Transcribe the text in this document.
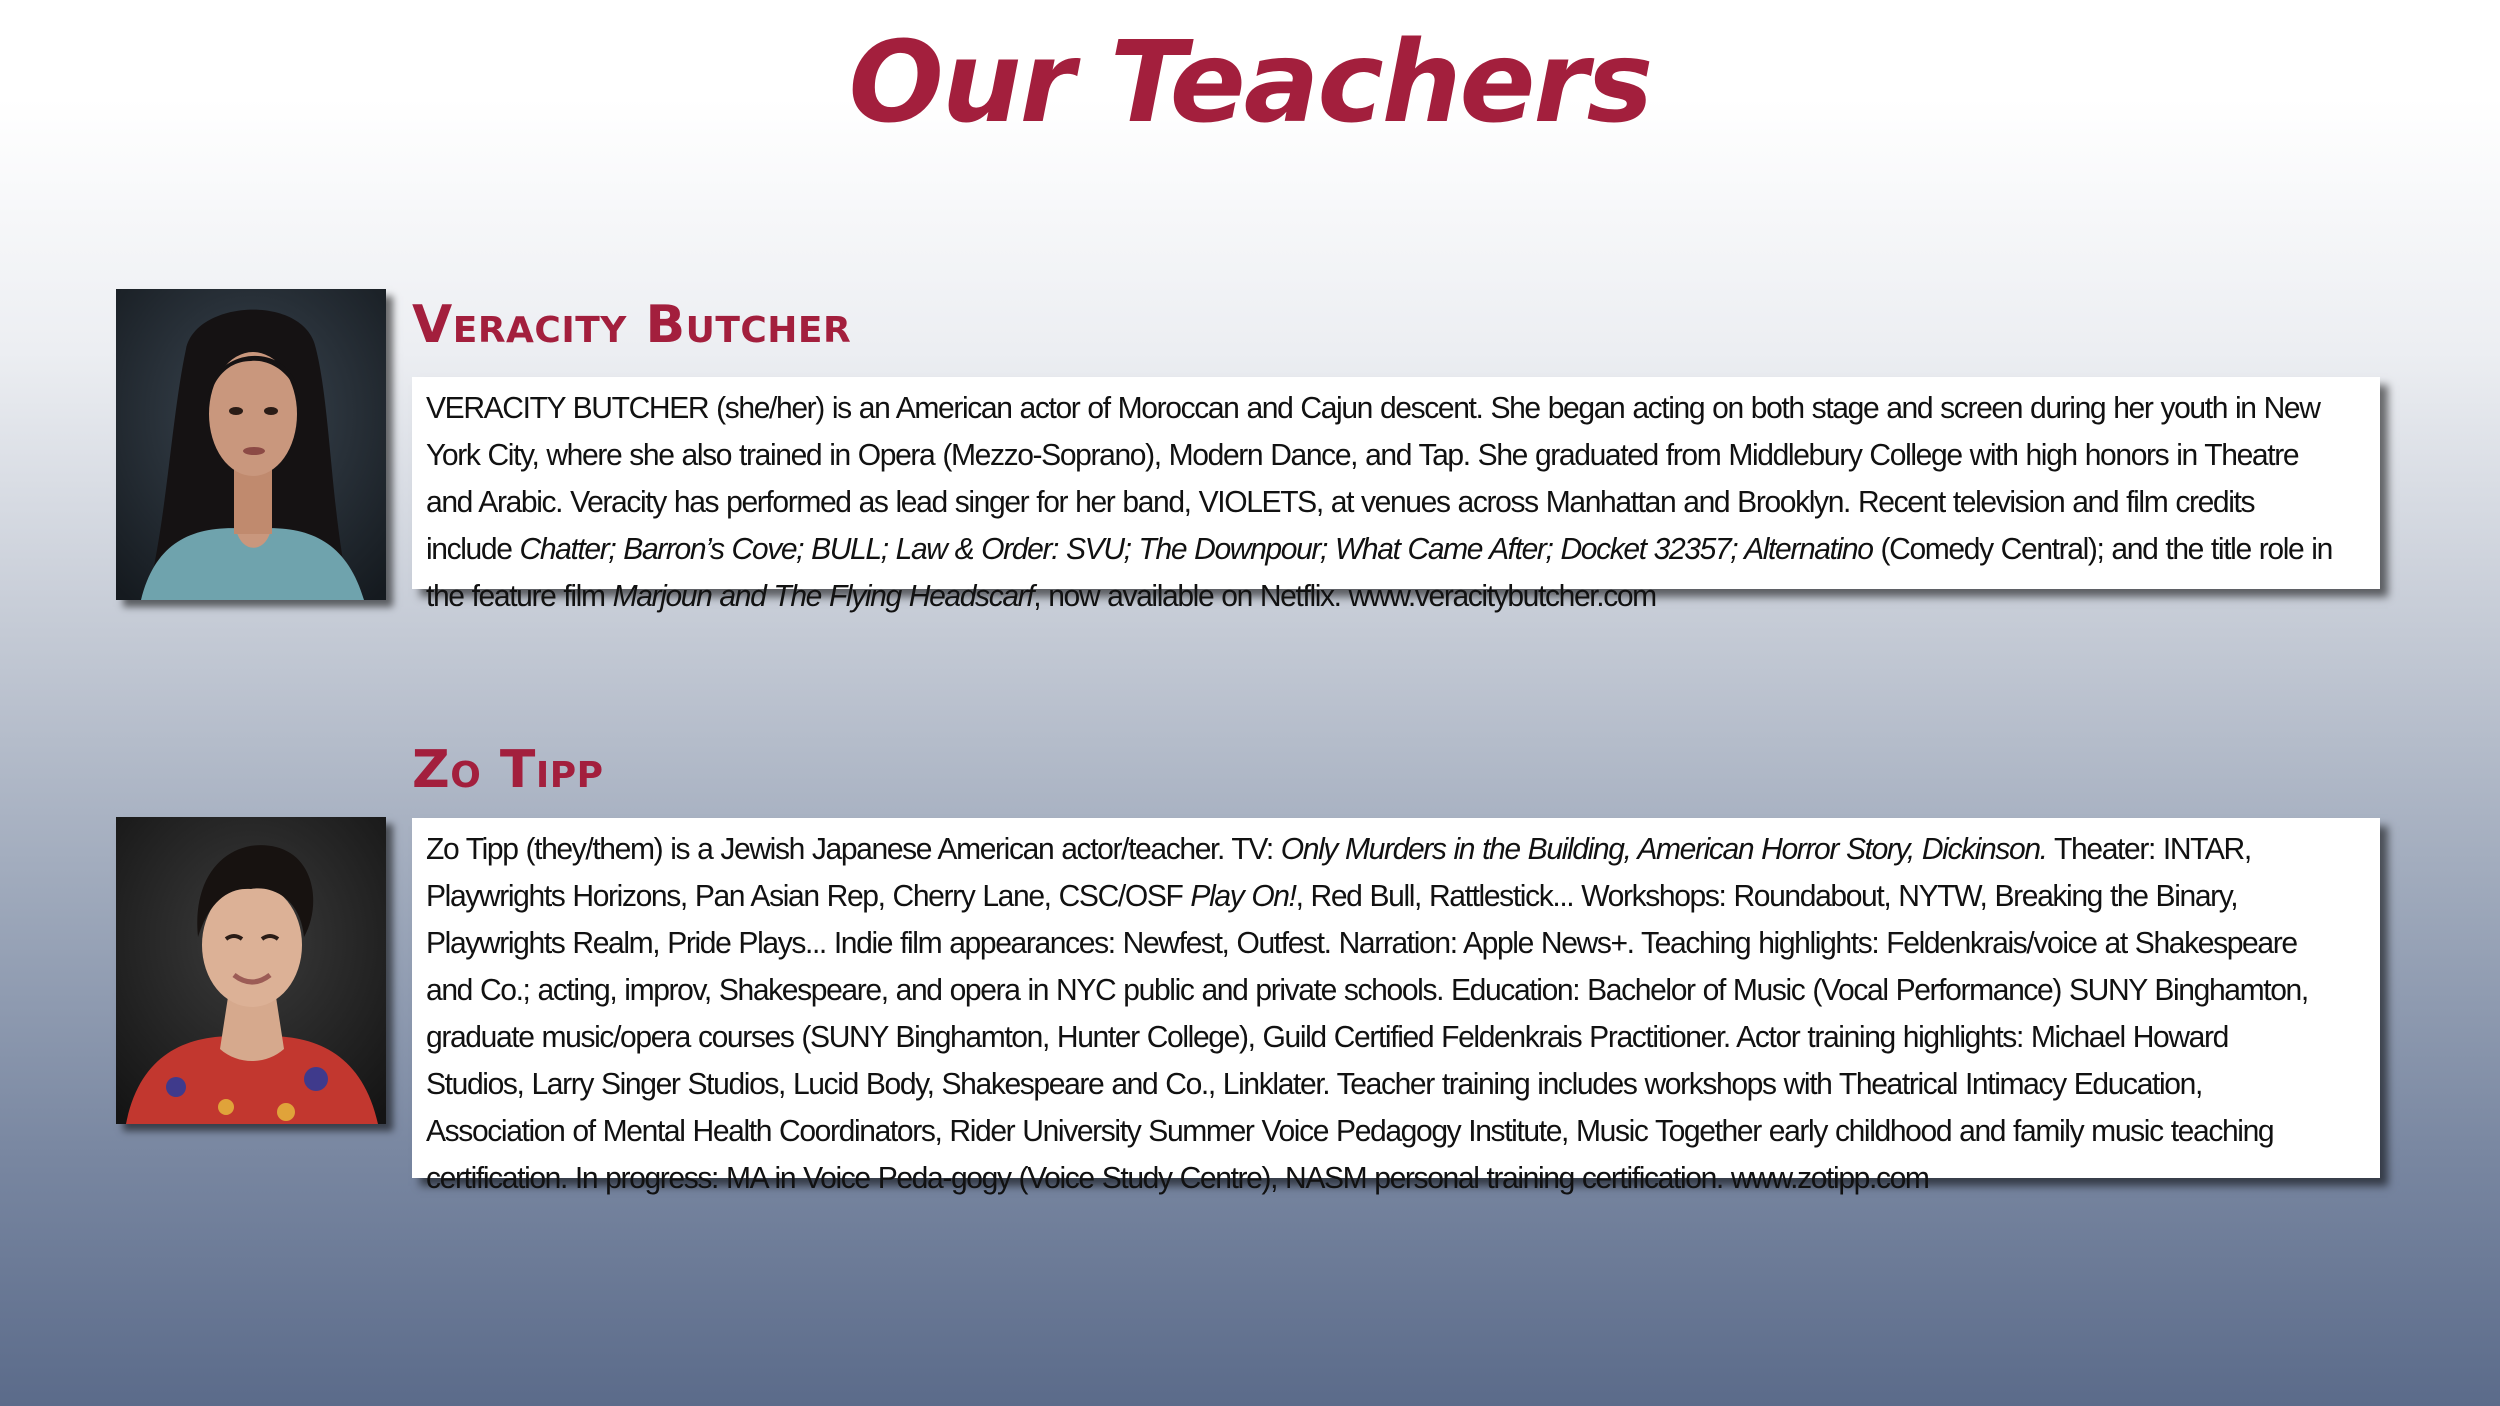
Our Teachers
Veracity Butcher

VERACITY BUTCHER (she/her) is an American actor of Moroccan and Cajun descent. She began acting on both stage and screen during her youth in New York City, where she also trained in Opera (Mezzo-Soprano), Modern Dance, and Tap. She graduated from Middlebury College with high honors in Theatre and Arabic. Veracity has performed as lead singer for her band, VIOLETS, at venues across Manhattan and Brooklyn. Recent television and film credits include Chatter; Barron’s Cove; BULL; Law & Order: SVU; The Downpour; What Came After; Docket 32357; Alternatino (Comedy Central); and the title role in the feature film Marjoun and The Flying Headscarf, now available on Netflix. www.veracitybutcher.com

Zo Tipp

Zo Tipp (they/them) is a Jewish Japanese American actor/teacher. TV: Only Murders in the Building, American Horror Story, Dickinson. Theater: INTAR, Playwrights Horizons, Pan Asian Rep, Cherry Lane, CSC/OSF Play On!, Red Bull, Rattlestick... Workshops: Roundabout, NYTW, Breaking the Binary, Playwrights Realm, Pride Plays... Indie film appearances: Newfest, Outfest. Narration: Apple News+. Teaching highlights: Feldenkrais/voice at Shakespeare and Co.; acting, improv, Shakespeare, and opera in NYC public and private schools. Education: Bachelor of Music (Vocal Performance) SUNY Binghamton, graduate music/opera courses (SUNY Binghamton, Hunter College), Guild Certified Feldenkrais Practitioner. Actor training highlights: Michael Howard Studios, Larry Singer Studios, Lucid Body, Shakespeare and Co., Linklater. Teacher training includes workshops with Theatrical Intimacy Education, Association of Mental Health Coordinators, Rider University Summer Voice Pedagogy Institute, Music Together early childhood and family music teaching certification. In progress: MA in Voice Peda-gogy (Voice Study Centre), NASM personal training certification. www.zotipp.com
